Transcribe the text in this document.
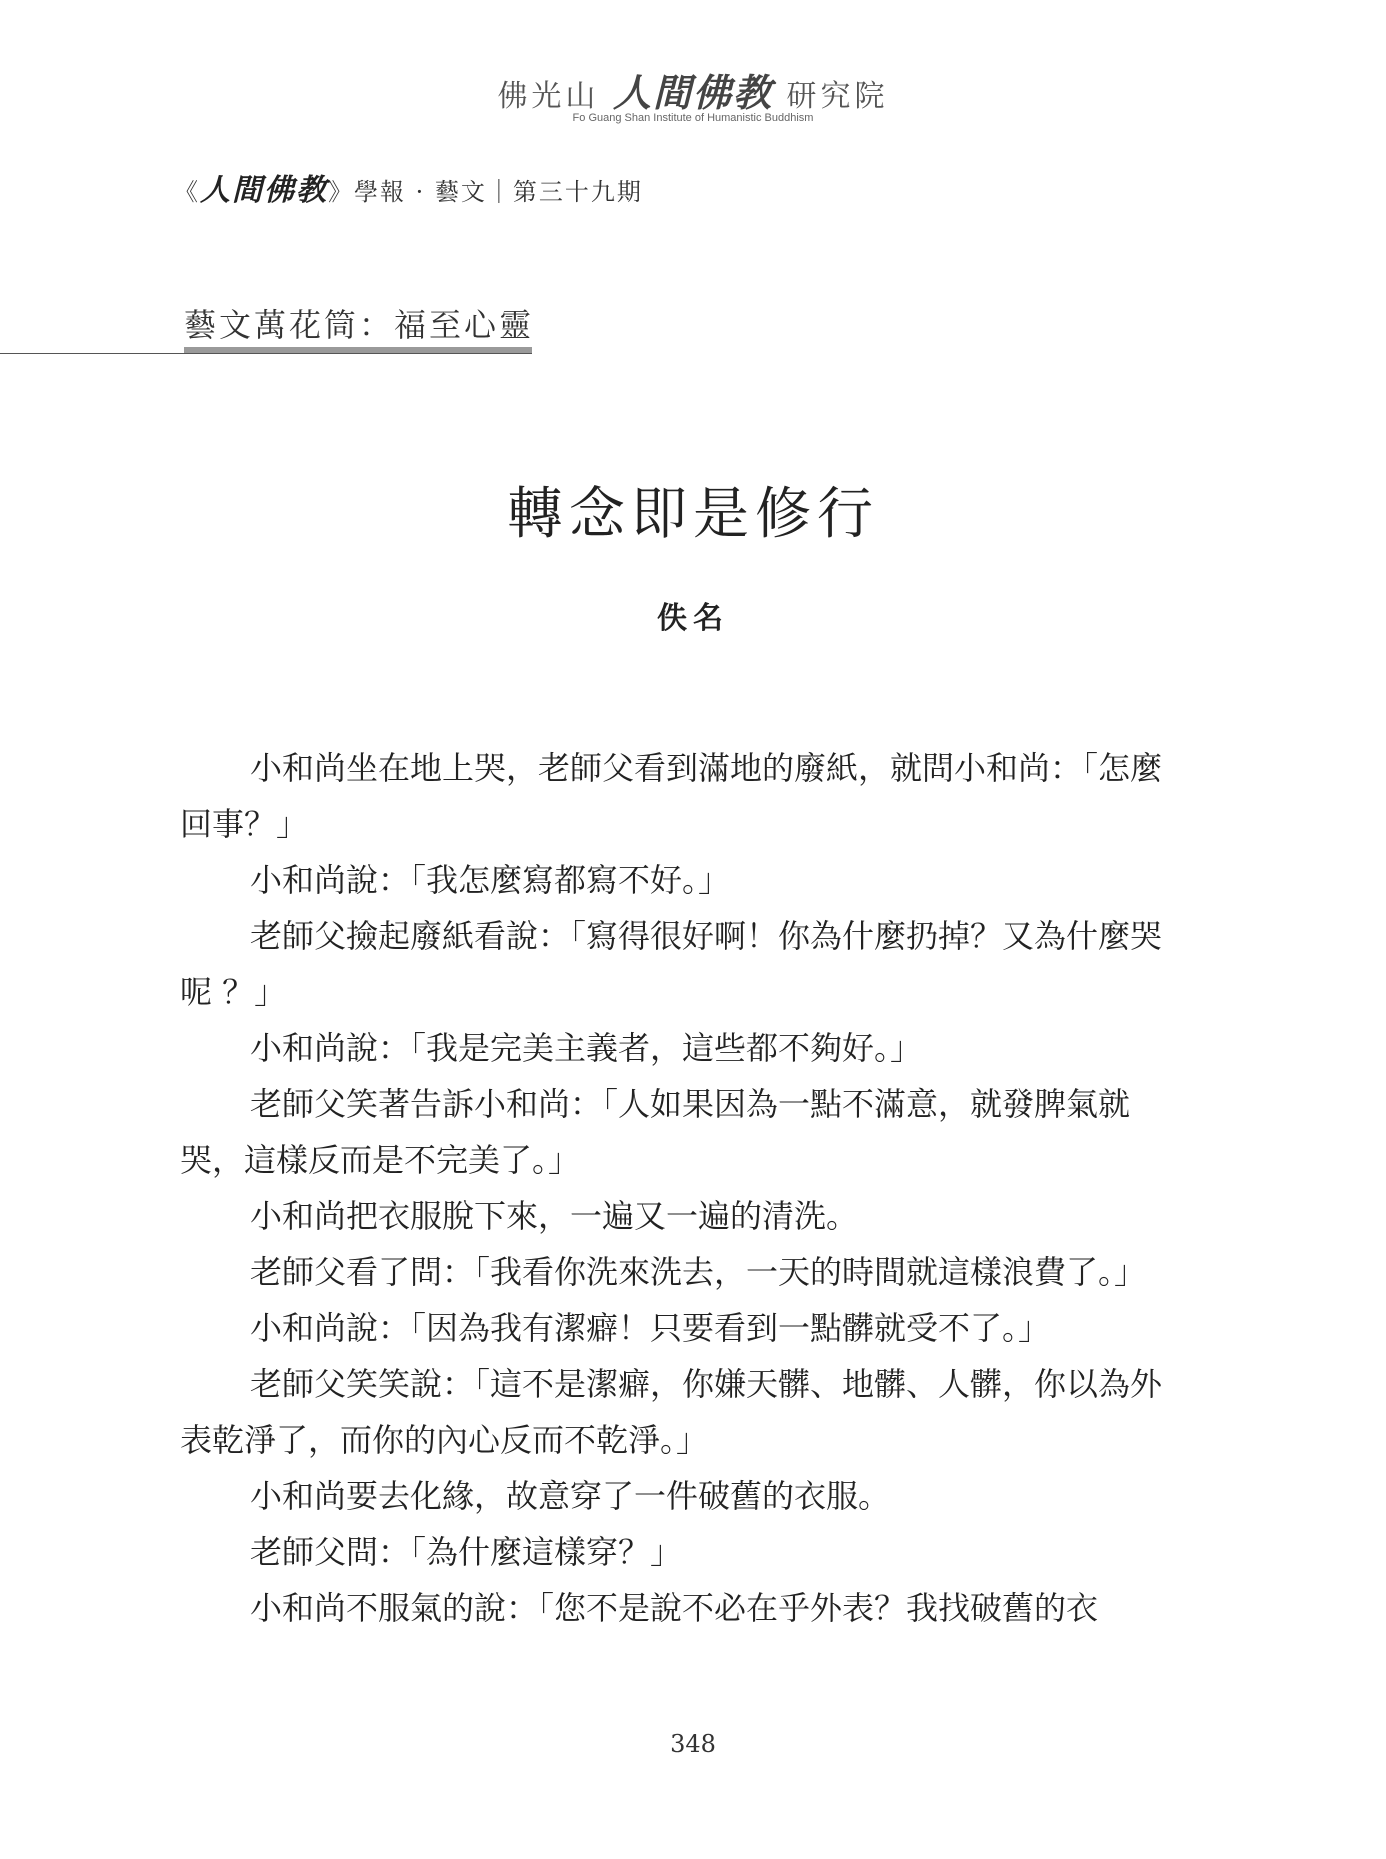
佛光山 人間佛教 研究院
Fo Guang Shan Institute of Humanistic Buddhism
《人間佛教》學報 · 藝文｜第三十九期
藝文萬花筒：福至心靈
轉念即是修行
佚名

小和尚坐在地上哭，老師父看到滿地的廢紙，就問小和尚：「怎麼回事？」

小和尚說：「我怎麼寫都寫不好。」

老師父撿起廢紙看說：「寫得很好啊！你為什麼扔掉？又為什麼哭呢 ？」

小和尚說：「我是完美主義者，這些都不夠好。」

老師父笑著告訴小和尚：「人如果因為一點不滿意，就發脾氣就哭，這樣反而是不完美了。」

小和尚把衣服脫下來，一遍又一遍的清洗。

老師父看了問：「我看你洗來洗去，一天的時間就這樣浪費了。」

小和尚說：「因為我有潔癖！只要看到一點髒就受不了。」

老師父笑笑說：「這不是潔癖，你嫌天髒、地髒、人髒，你以為外表乾淨了，而你的內心反而不乾淨。」

小和尚要去化緣，故意穿了一件破舊的衣服。

老師父問：「為什麼這樣穿？」

小和尚不服氣的說：「您不是說不必在乎外表？我找破舊的衣

348
